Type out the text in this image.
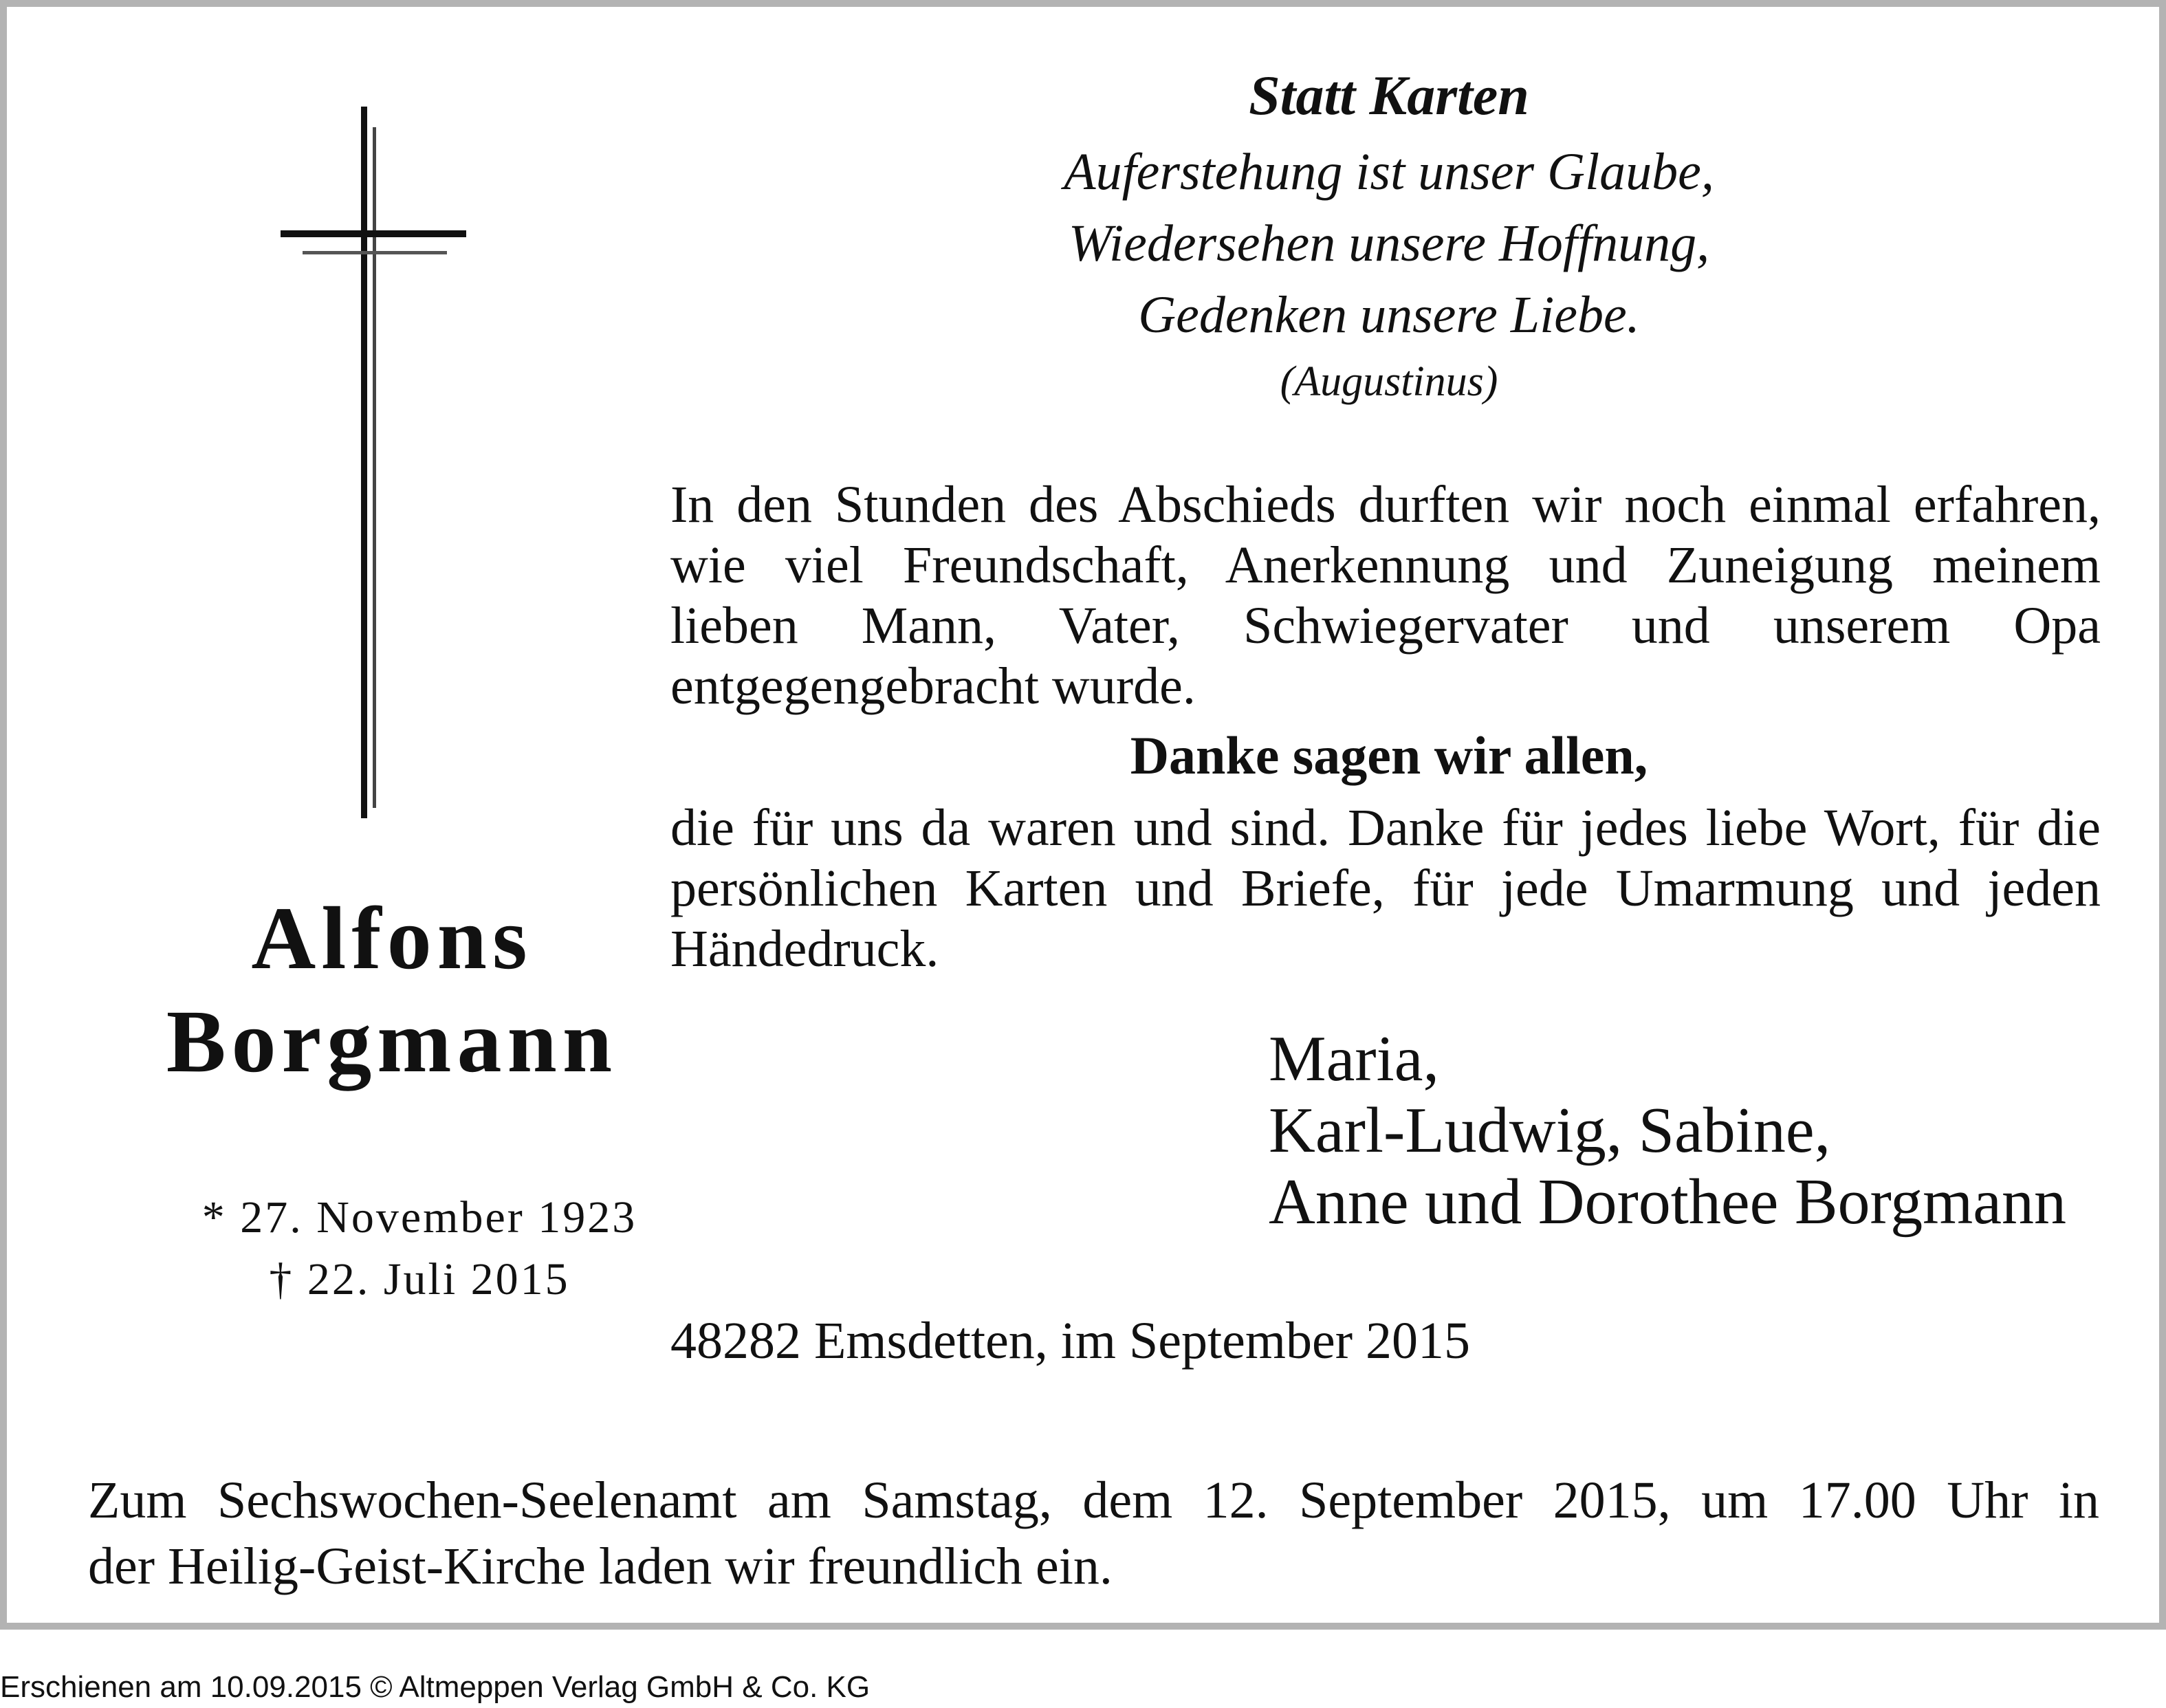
Statt Karten
Auferstehung ist unser Glaube,
Wiedersehen unsere Hoffnung,
Gedenken unsere Liebe.
(Augustinus)
Alfons
Borgmann
* 27. November 1923
† 22. Juli 2015
In den Stunden des Abschieds durften wir noch einmal erfahren,
wie viel Freundschaft, Anerkennung und Zuneigung meinem
lieben Mann, Vater, Schwiegervater und unserem Opa
entgegengebracht wurde.
Danke sagen wir allen,
die für uns da waren und sind. Danke für jedes liebe Wort, für die
persönlichen Karten und Briefe, für jede Umarmung und jeden
Händedruck.
Maria,
Karl-Ludwig, Sabine,
Anne und Dorothee Borgmann
48282 Emsdetten, im September 2015
Zum Sechswochen-Seelenamt am Samstag, dem 12. September 2015, um 17.00 Uhr in
der Heilig-Geist-Kirche laden wir freundlich ein.
Erschienen am 10.09.2015 © Altmeppen Verlag GmbH & Co. KG
